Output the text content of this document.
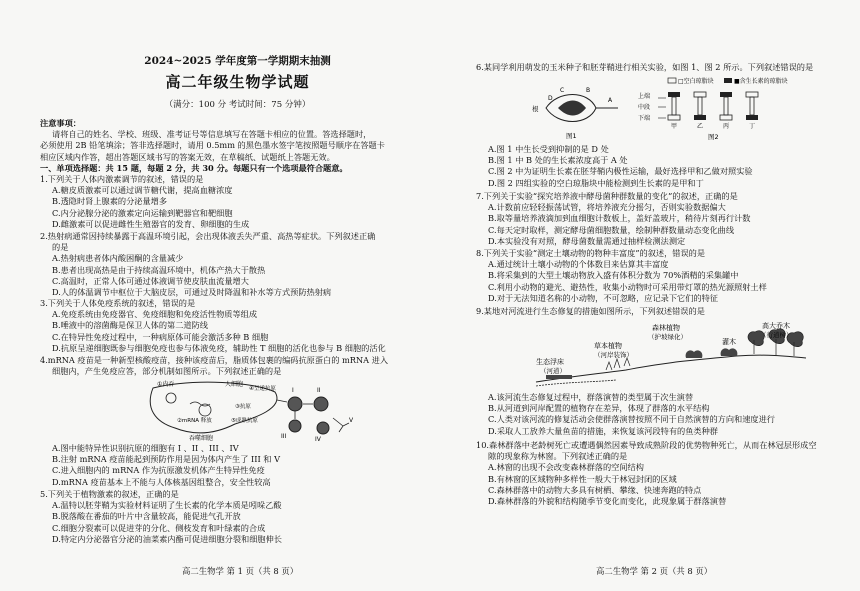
2024~2025 学年度第一学期期末抽测
高二年级生物学试题
（满分：100 分 考试时间：75 分钟）
注意事项：
请将自己的姓名、学校、班级、准考证号等信息填写在答题卡相应的位置。答选择题时，
必须使用 2B 铅笔填涂；答非选择题时，请用 0.5mm 的黑色墨水签字笔按照题号顺序在答题卡
相应区域内作答，超出答题区域书写的答案无效，在草稿纸、试题纸上答题无效。
一、单项选择题：共 15 题，每题 2 分，共 30 分。每题只有一个选项最符合题意。
1.下列关于人体内激素调节的叙述，错误的是
A.糖皮质激素可以通过调节糖代谢，提高血糖浓度
B.透隐时肾上腺素的分泌量增多
C.内分泌腺分泌的激素定向运输到靶器官和靶细胞
D.雌激素可以促进雌性生殖器官的发育、卵细胞的生成
2.热射病通常因持续暴露于高温环境引起，会出现体液丢失严重、高热等症状。下列叙述正确
的是
A.热射病患者体内酸困酮的含量减少
B.患者出现高热是由于持续高温环境中，机体产热大于散热
C.高温时，正常人体可通过体液调节使皮肤血流量增大
D.人的体温调节中枢位于大脑皮层，可通过及时降温和补水等方式预防热射病
3.下列关于人体免疫系统的叙述，错误的是
A.免疫系统由免疫器官、免疫细胞和免疫活性物质等组成
B.唾液中的溶菌酶是保卫人体的第二道防线
C.在特异性免疫过程中，一种病原体可能会激活多种 B 细胞
D.抗原呈递细胞既参与细胞免疫也参与体液免疫，辅助性 T 细胞的活化也参与 B 细胞的活化
4.mRNA 疫苗是一种新型核酸疫苗，接种该疫苗后，脂质体包裹的编码抗原蛋白的 mRNA 进入
细胞内，产生免疫应答，部分机制如图所示。下列叙述正确的是
①内吞	人细胞
②mRNA 释放
③抗原
④呈递抗原
⑤成熟抗原
吞噬细胞
I	II
III	IV
V
A.图中能特异性识别抗原的细胞有 I 、II 、III 、IV
B.注射 mRNA 疫苗能起到预防作用是因为体内产生了 III 和 V
C.进入细胞内的 mRNA 作为抗原激发机体产生特异性免疫
D.mRNA 疫苗基本上不能与人体核基因组整合，安全性较高
5.下列关于植物激素的叙述，正确的是
A.温特以胚芽鞘为实验材料证明了生长素的化学本质是吲哚乙酸
B.脱落酸在番茄的叶片中含量较高，能促进气孔开放
C.细胞分裂素可以促进芽的分化、侧枝发育和叶绿素的合成
D.特定内分泌器官分泌的油菜素内酯可促进细胞分裂和细胞伸长
高二生物学 第 1 页（共 8 页）
6.某同学利用萌发的玉米种子和胚芽鞘进行相关实验，如图 1、图 2 所示。下列叙述错误的是
根
D
C	B
A
图1
□空白琼脂块	■含生长素的琼脂块
上端
中段
下端
甲	乙	丙	丁
图2
A.图 1 中生长受到抑制的是 D 处
B.图 1 中 B 处的生长素浓度高于 A 处
C.图 2 中为证明生长素在胚芽鞘内极性运输，最好选择甲和乙做对照实验
D.图 2 四组实验的空白琼脂块中能检测到生长素的是甲和丁
7.下列关于实验“探究培养液中酵母菌种群数量的变化”的叙述，正确的是
A.计数前应轻轻振荡试管，将培养液充分摇匀，否则实验数据偏大
B.取等量培养液滴加到血细胞计数板上，盖好盖玻片，稍待片刻再行计数
C.每天定时取样，测定酵母菌细胞数量，绘制种群数量动态变化曲线
D.本实验没有对照，酵母菌数量需通过抽样检测法测定
8.下列关于实验“测定土壤动物的物种丰富度”的叙述，错误的是
A.通过统计土壤小动物的个体数目来估算其丰富度
B.将采集到的大型土壤动物放入盛有体积分数为 70%酒精的采集罐中
C.利用小动物的避光、避热性，收集小动物时可采用带灯罩的热光源照射土样
D.对于无法知道名称的小动物，不可忽略，应记录下它们的特征
9.某地对河流进行生态修复的措施如图所示，下列叙述错误的是
生态浮床
（河道）
草本植物
（河岸装饰）
森林植物
（护坡绿化）
灌木
高大乔木
（行道树）
A.该河流生态修复过程中，群落演替的类型属于次生演替
B.从河道到河岸配置的植物存在差异，体现了群落的水平结构
C.人类对该河流的修复活动会使群落演替按照不同于自然演替的方向和速度进行
D.采取人工放养大量鱼苗的措施，来恢复该河段特有的鱼类种群
10.森林群落中老龄树死亡或遭遇偶然因素导致成熟阶段的优势物种死亡，从而在林冠层形成空
隙的现象称为林窗。下列叙述正确的是
A.林窗的出现不会改变森林群落的空间结构
B.有林窗的区域物种多样性一般大于林冠封闭的区域
C.森林群落中的动物大多具有树栖、攀缘、快速奔跑的特点
D.森林群落的外貌和结构随季节变化而变化，此现象属于群落演替
高二生物学 第 2 页（共 8 页）
